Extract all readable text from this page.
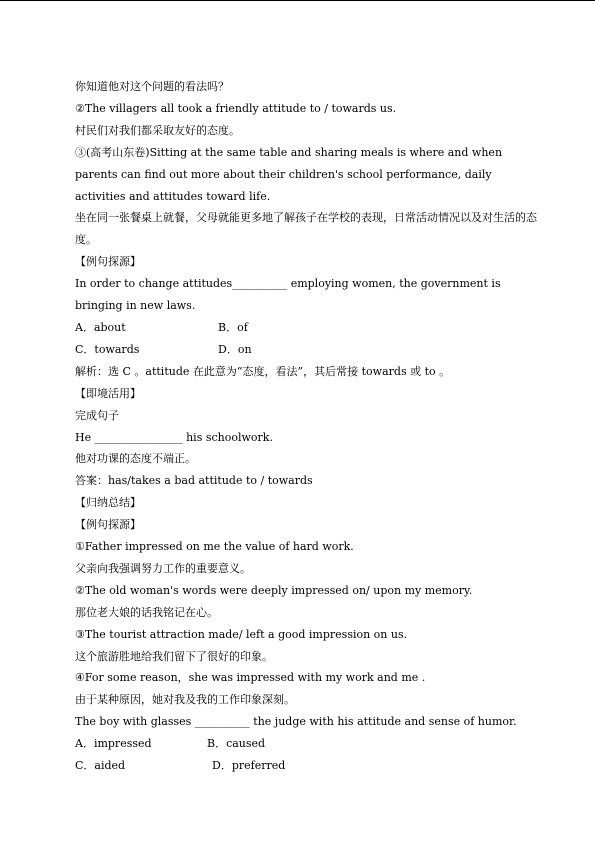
你知道他对这个问题的看法吗？
②The villagers all took a friendly attitude to / towards us.
村民们对我们都采取友好的态度。
③(高考山东卷)Sitting at the same table and sharing meals is where and when parents can find out more about their children's school performance, daily activities and attitudes toward life.
坐在同一张餐桌上就餐，父母就能更多地了解孩子在学校的表现，日常活动情况以及对生活的态度。
【例句探源】
In order to change attitudes__________ employing women, the government is bringing in new laws.
A．about	B．of
C．towards	D．on
解析：选 C 。attitude 在此意为“态度，看法”，其后常接 towards 或 to 。
【即境活用】
完成句子
He ________________ his schoolwork.
他对功课的态度不端正。
答案：has/takes a bad attitude to / towards
【归纳总结】
【例句探源】
①Father impressed on me the value of hard work.
父亲向我强调努力工作的重要意义。
②The old woman's words were deeply impressed on/ upon my memory.
那位老大娘的话我铭记在心。
③The tourist attraction made/ left a good impression on us.
这个旅游胜地给我们留下了很好的印象。
④For some reason，she was impressed with my work and me .
由于某种原因，她对我及我的工作印象深刻。
The boy with glasses __________ the judge with his attitude and sense of humor.
A．impressed	B．caused
C．aided	D．preferred
